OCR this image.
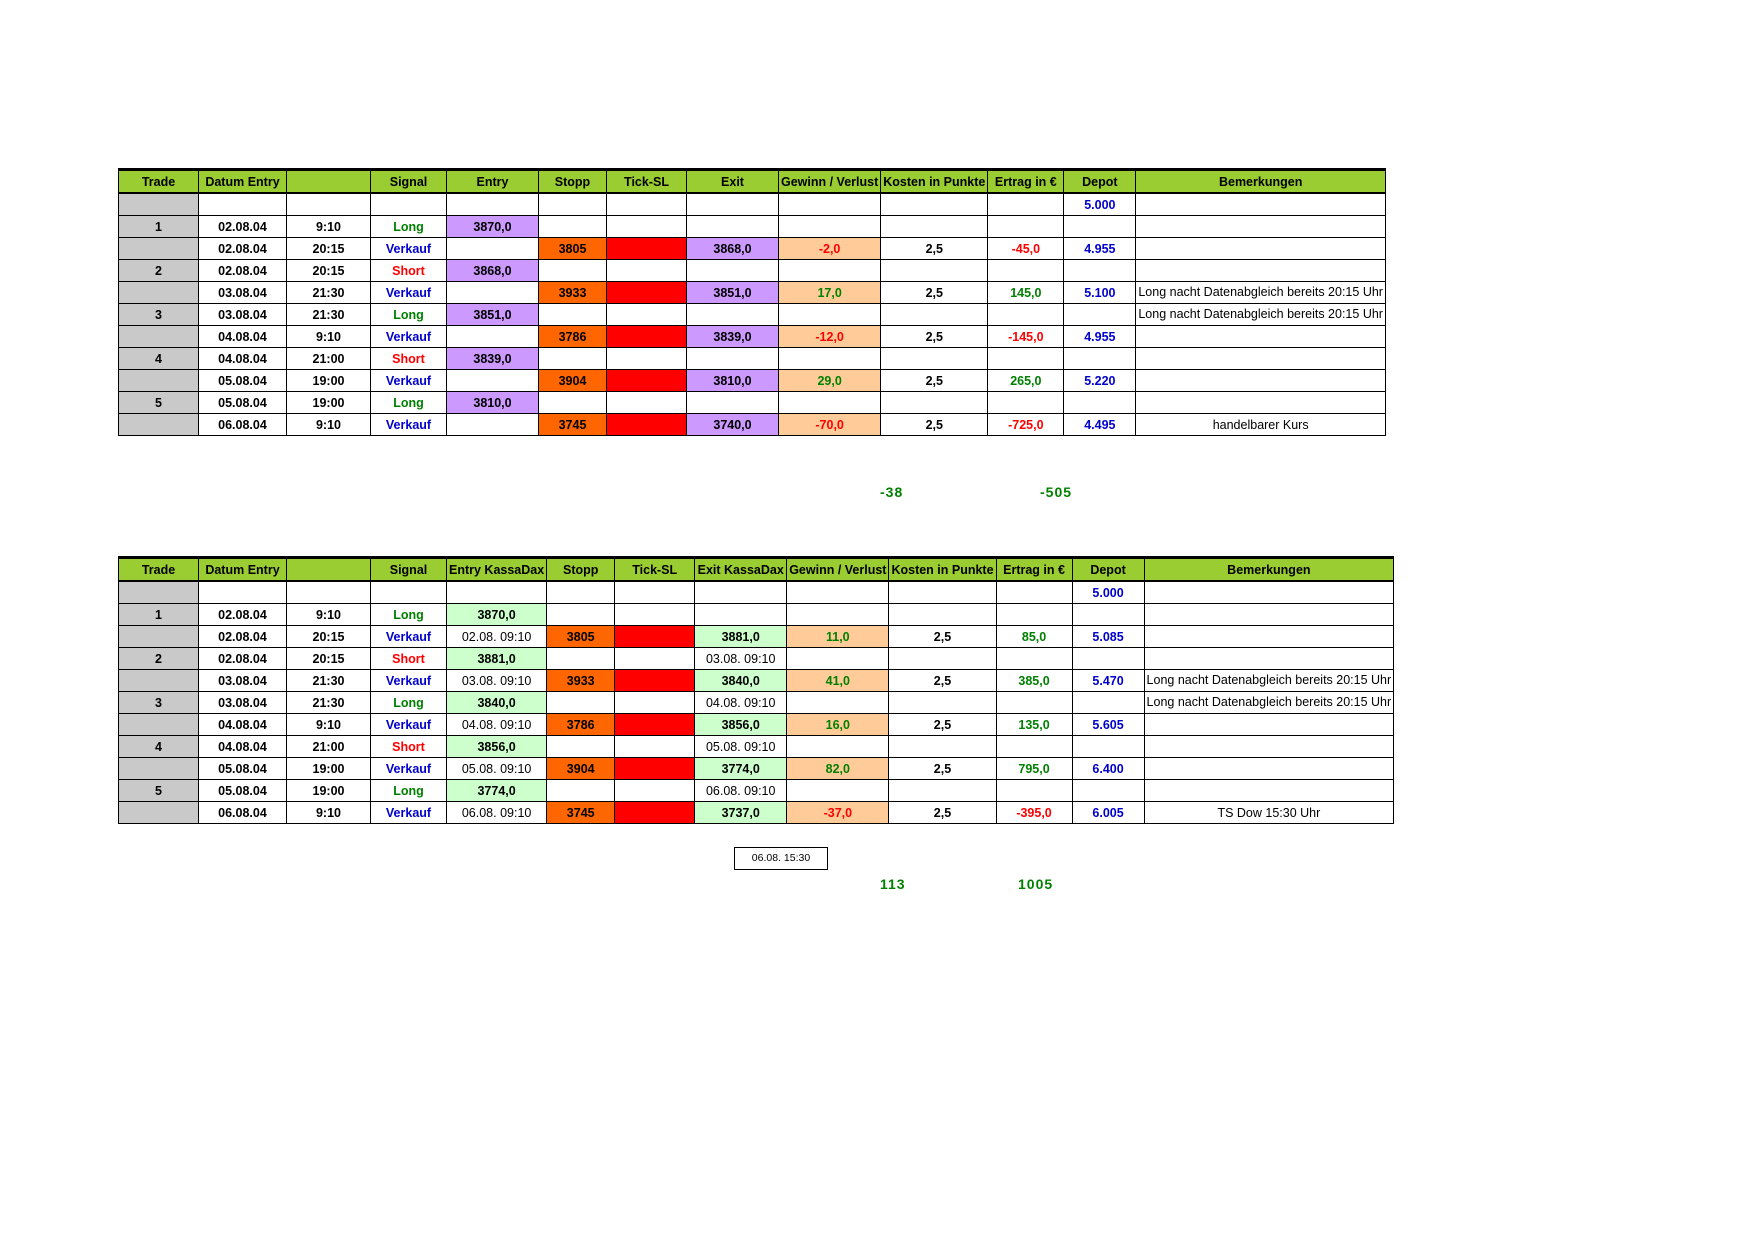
Trade	Datum Entry		Signal	Entry	Stopp	Tick-SL	Exit	Gewinn / Verlust	Kosten in Punkte	Ertrag in €	Depot	Bemerkungen
											5.000	
1	02.08.04	9:10	Long	3870,0								
	02.08.04	20:15	Verkauf		3805		3868,0	-2,0	2,5	-45,0	4.955	
2	02.08.04	20:15	Short	3868,0								
	03.08.04	21:30	Verkauf		3933		3851,0	17,0	2,5	145,0	5.100	Long nacht Datenabgleich bereits 20:15 Uhr
3	03.08.04	21:30	Long	3851,0								Long nacht Datenabgleich bereits 20:15 Uhr
	04.08.04	9:10	Verkauf		3786		3839,0	-12,0	2,5	-145,0	4.955	
4	04.08.04	21:00	Short	3839,0								
	05.08.04	19:00	Verkauf		3904		3810,0	29,0	2,5	265,0	5.220	
5	05.08.04	19:00	Long	3810,0								
	06.08.04	9:10	Verkauf		3745		3740,0	-70,0	2,5	-725,0	4.495	handelbarer Kurs
-38	-505
Trade	Datum Entry		Signal	Entry KassaDax	Stopp	Tick-SL	Exit KassaDax	Gewinn / Verlust	Kosten in Punkte	Ertrag in €	Depot	Bemerkungen
											5.000	
1	02.08.04	9:10	Long	3870,0								
	02.08.04	20:15	Verkauf	02.08. 09:10	3805		3881,0	11,0	2,5	85,0	5.085	
2	02.08.04	20:15	Short	3881,0			03.08. 09:10					
	03.08.04	21:30	Verkauf	03.08. 09:10	3933		3840,0	41,0	2,5	385,0	5.470	Long nacht Datenabgleich bereits 20:15 Uhr
3	03.08.04	21:30	Long	3840,0			04.08. 09:10					Long nacht Datenabgleich bereits 20:15 Uhr
	04.08.04	9:10	Verkauf	04.08. 09:10	3786		3856,0	16,0	2,5	135,0	5.605	
4	04.08.04	21:00	Short	3856,0			05.08. 09:10					
	05.08.04	19:00	Verkauf	05.08. 09:10	3904		3774,0	82,0	2,5	795,0	6.400	
5	05.08.04	19:00	Long	3774,0			06.08. 09:10					
	06.08.04	9:10	Verkauf	06.08. 09:10	3745		3737,0	-37,0	2,5	-395,0	6.005	TS Dow 15:30 Uhr
06.08. 15:30
113	1005
